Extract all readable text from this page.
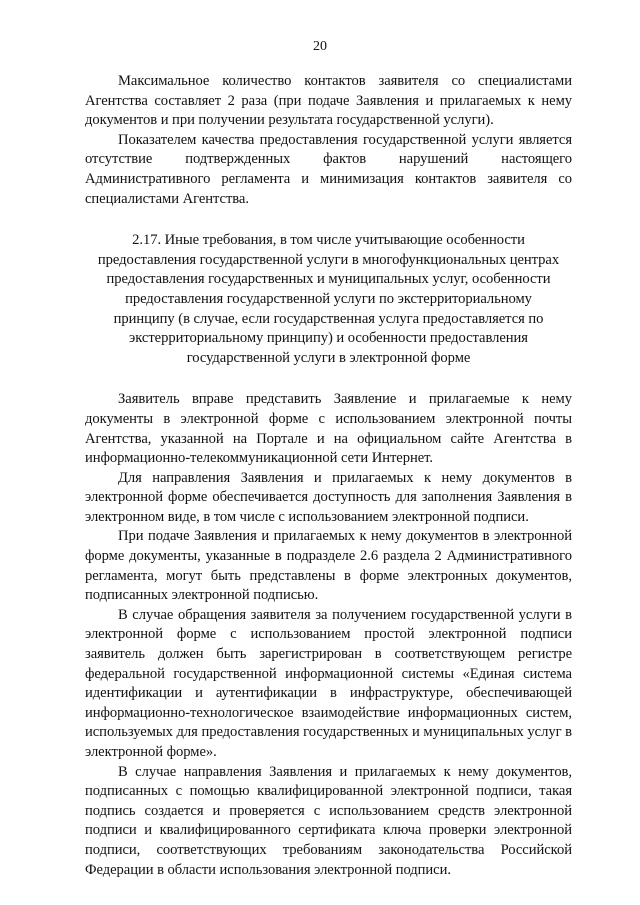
20

Максимальное количество контактов заявителя со специалистами Агентства составляет 2 раза (при подаче Заявления и прилагаемых к нему документов и при получении результата государственной услуги).

Показателем качества предоставления государственной услуги является отсутствие подтвержденных фактов нарушений настоящего Административного регламента и минимизация контактов заявителя со специалистами Агентства.

2.17. Иные требования, в том числе учитывающие особенности
предоставления государственной услуги в многофункциональных центрах
предоставления государственных и муниципальных услуг, особенности
предоставления государственной услуги по экстерриториальному
принципу (в случае, если государственная услуга предоставляется по
экстерриториальному принципу) и особенности предоставления
государственной услуги в электронной форме

Заявитель вправе представить Заявление и прилагаемые к нему документы в электронной форме с использованием электронной почты Агентства, указанной на Портале и на официальном сайте Агентства в информационно-телекоммуникационной сети Интернет.

Для направления Заявления и прилагаемых к нему документов в электронной форме обеспечивается доступность для заполнения Заявления в электронном виде, в том числе с использованием электронной подписи.

При подаче Заявления и прилагаемых к нему документов в электронной форме документы, указанные в подразделе 2.6 раздела 2 Административного регламента, могут быть представлены в форме электронных документов, подписанных электронной подписью.

В случае обращения заявителя за получением государственной услуги в электронной форме с использованием простой электронной подписи заявитель должен быть зарегистрирован в соответствующем регистре федеральной государственной информационной системы «Единая система идентификации и аутентификации в инфраструктуре, обеспечивающей информационно-технологическое взаимодействие информационных систем, используемых для предоставления государственных и муниципальных услуг в электронной форме».

В случае направления Заявления и прилагаемых к нему документов, подписанных с помощью квалифицированной электронной подписи, такая подпись создается и проверяется с использованием средств электронной подписи и квалифицированного сертификата ключа проверки электронной подписи, соответствующих требованиям законодательства Российской Федерации в области использования электронной подписи.
